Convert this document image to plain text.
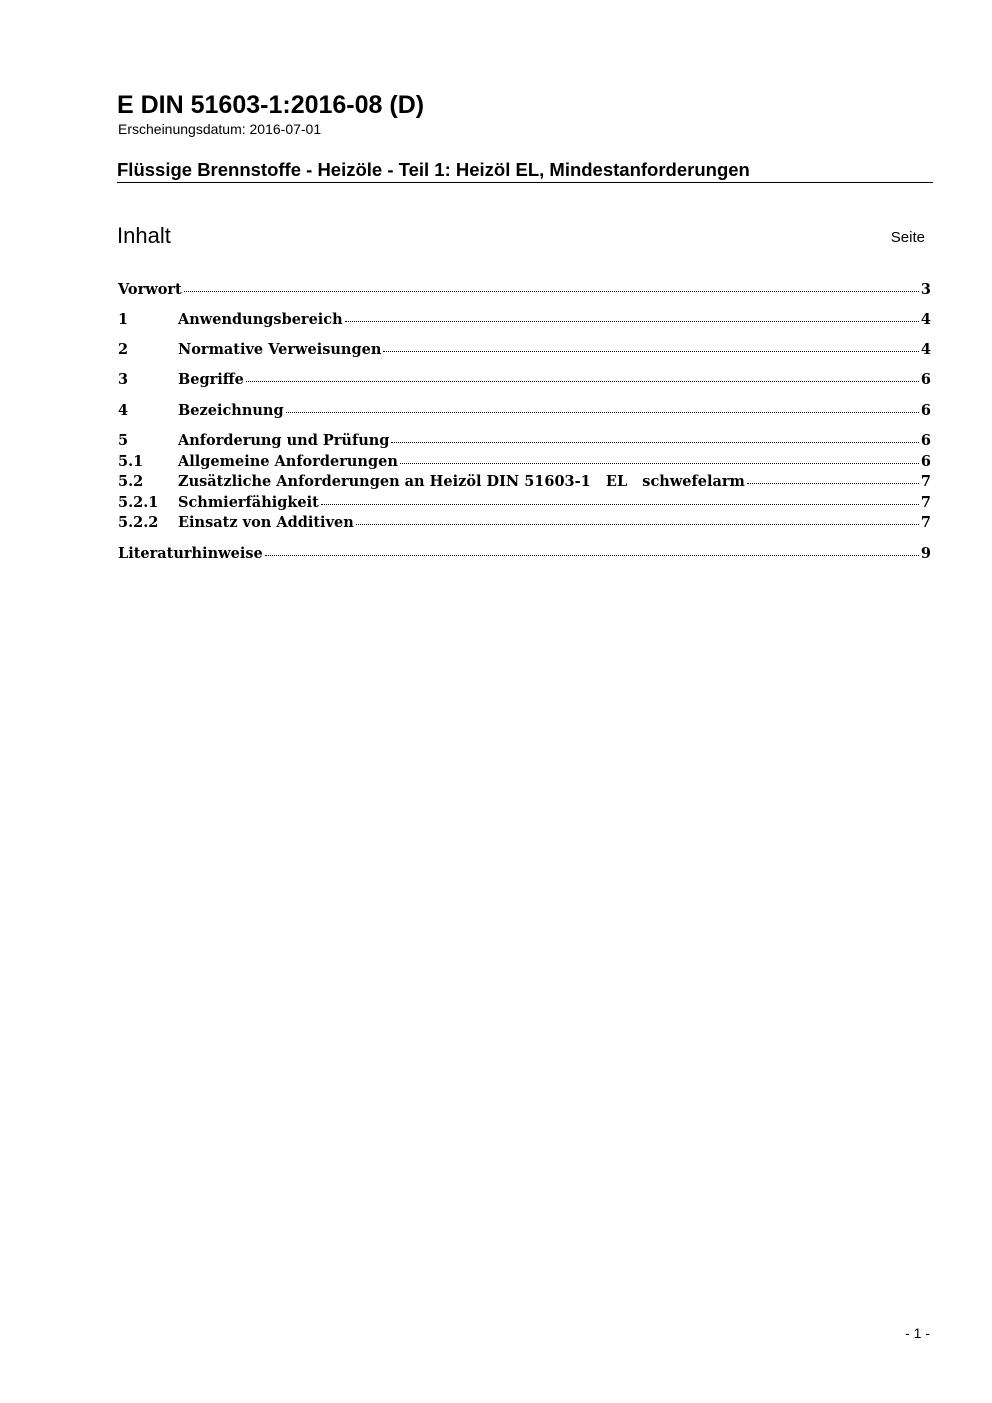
E DIN 51603-1:2016-08 (D)
Erscheinungsdatum: 2016-07-01
Flüssige Brennstoffe - Heizöle - Teil 1: Heizöl EL, Mindestanforderungen
Inhalt	Seite
Vorwort	3
1	Anwendungsbereich	4
2	Normative Verweisungen	4
3	Begriffe	6
4	Bezeichnung	6
5	Anforderung und Prüfung	6
5.1	Allgemeine Anforderungen	6
5.2	Zusätzliche Anforderungen an Heizöl DIN 51603-1   EL   schwefelarm	7
5.2.1	Schmierfähigkeit	7
5.2.2	Einsatz von Additiven	7
Literaturhinweise	9
- 1 -
